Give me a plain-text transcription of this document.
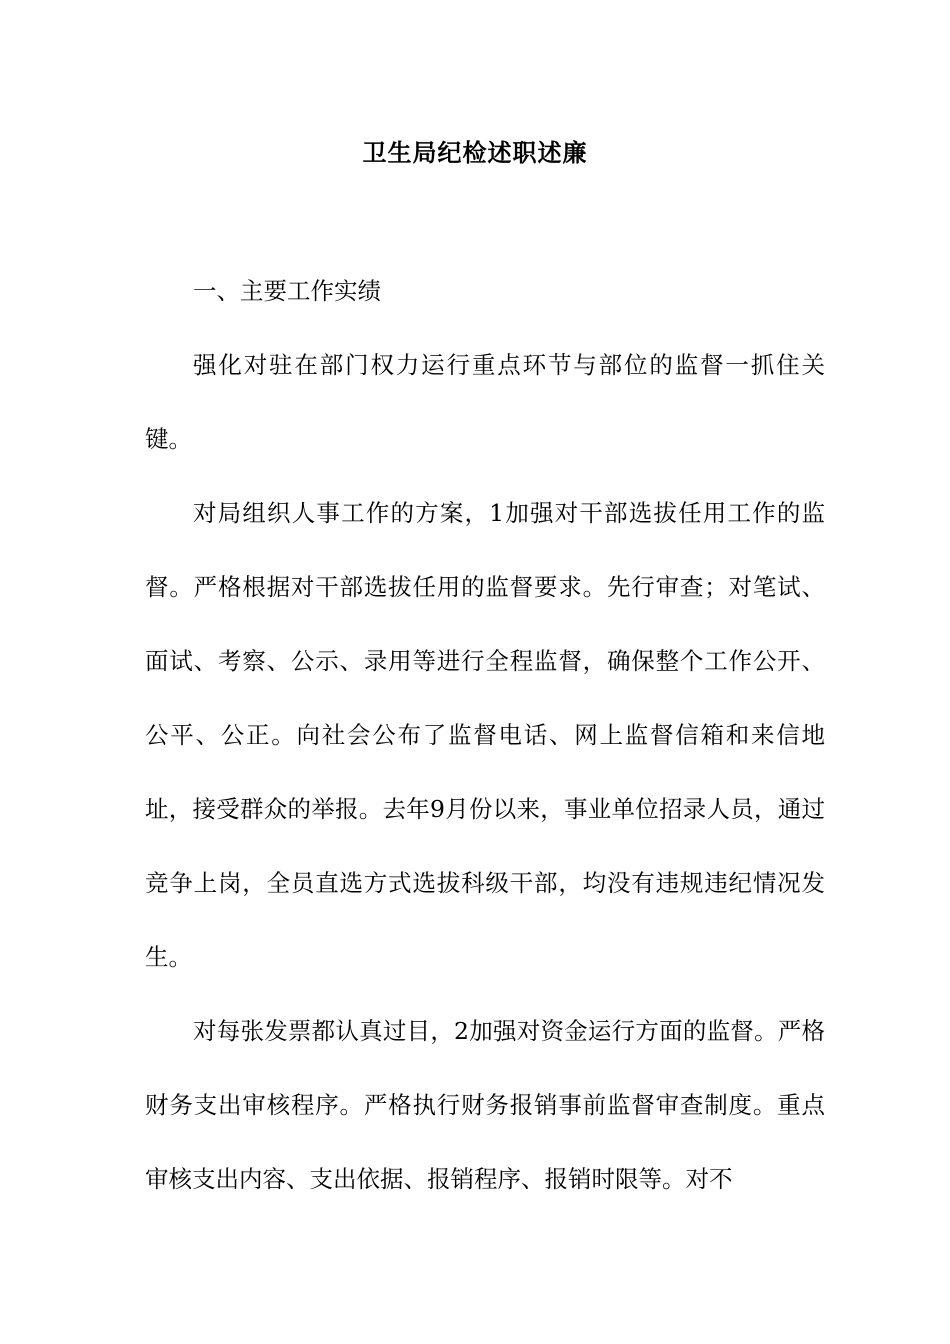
卫生局纪检述职述廉

一、主要工作实绩

强化对驻在部门权力运行重点环节与部位的监督一抓住关键。

对局组织人事工作的方案，1加强对干部选拔任用工作的监督。严格根据对干部选拔任用的监督要求。先行审查；对笔试、面试、考察、公示、录用等进行全程监督，确保整个工作公开、公平、公正。向社会公布了监督电话、网上监督信箱和来信地址，接受群众的举报。去年9月份以来，事业单位招录人员，通过竞争上岗，全员直选方式选拔科级干部，均没有违规违纪情况发生。

对每张发票都认真过目，2加强对资金运行方面的监督。严格财务支出审核程序。严格执行财务报销事前监督审查制度。重点审核支出内容、支出依据、报销程序、报销时限等。对不
